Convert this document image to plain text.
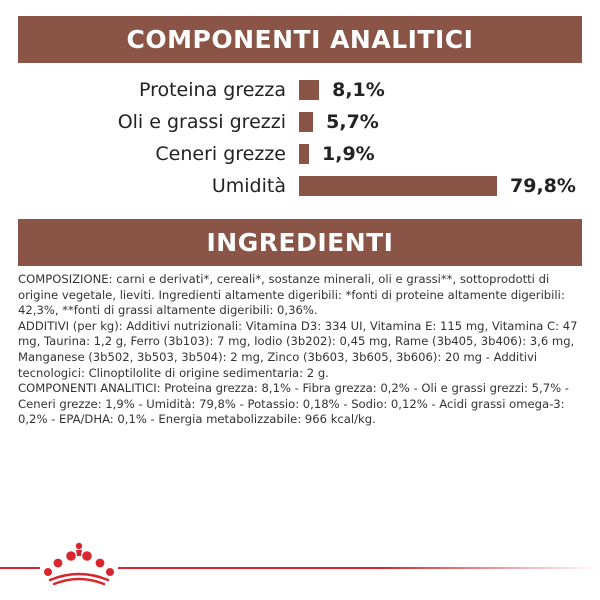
COMPONENTI ANALITICI
Proteina grezza 8,1%
Oli e grassi grezzi 5,7%
Ceneri grezze 1,9%
Umidità	79,8%
INGREDIENTI

COMPOSIZIONE: carni e derivati*, cereali*, sostanze minerali, oli e grassi**, sottoprodotti di origine vegetale, lieviti. Ingredienti altamente digeribili: *fonti di proteine altamente digeribili: 42,3%, **fonti di grassi altamente digeribili: 0,36%.

ADDITIVI (per kg): Additivi nutrizionali: Vitamina D3: 334 UI, Vitamina E: 115 mg, Vitamina C: 47 mg, Taurina: 1,2 g, Ferro (3b103): 7 mg, Iodio (3b202): 0,45 mg, Rame (3b405, 3b406): 3,6 mg, Manganese (3b502, 3b503, 3b504): 2 mg, Zinco (3b603, 3b605, 3b606): 20 mg - Additivi tecnologici: Clinoptilolite di origine sedimentaria: 2 g.

COMPONENTI ANALITICI: Proteina grezza: 8,1% - Fibra grezza: 0,2% - Oli e grassi grezzi: 5,7% - Ceneri grezze: 1,9% - Umidità: 79,8% - Potassio: 0,18% - Sodio: 0,12% - Acidi grassi omega-3: 0,2% - EPA/DHA: 0,1% - Energia metabolizzabile: 966 kcal/kg.
